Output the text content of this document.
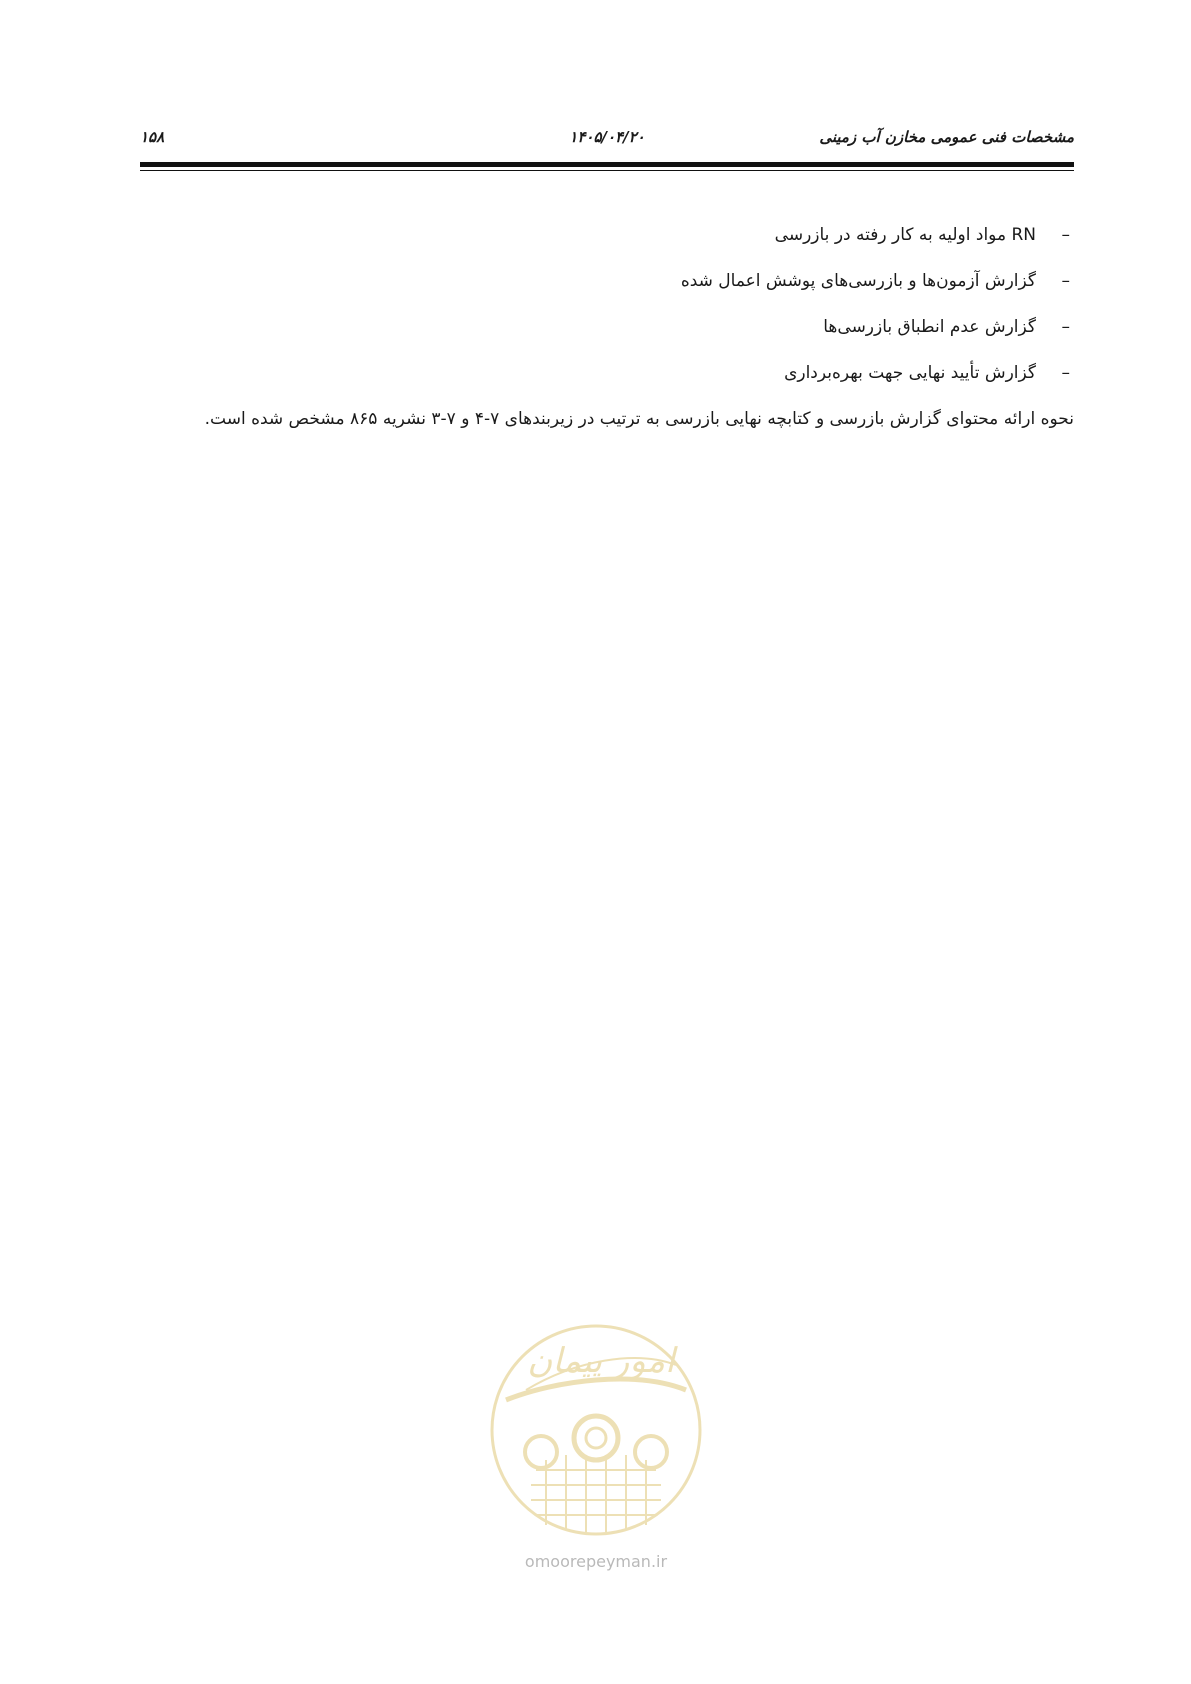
مشخصات فنی عمومی مخازن آب زمینی
۱۴۰۵/۰۴/۲۰
۱۵۸
–
RN مواد اولیه به کار رفته در بازرسی
–
گزارش آزمون‌ها و بازرسی‌های پوشش اعمال شده
–
گزارش عدم انطباق بازرسی‌ها
–
گزارش تأیید نهایی جهت بهره‌برداری

نحوه ارائه محتوای گزارش بازرسی و کتابچه نهایی بازرسی به ترتیب در زیربندهای ۷-۴ و ۷-۳ نشریه ۸۶۵ مشخص شده است.

امور پیمان
omoorepeyman.ir
